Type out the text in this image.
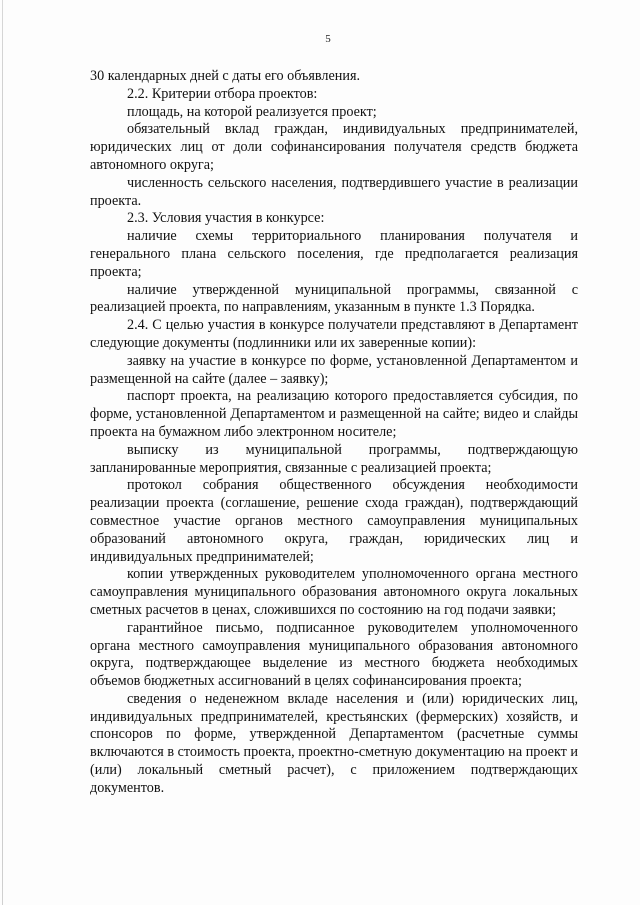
5

30 календарных дней с даты его объявления.

2.2. Критерии отбора проектов:

площадь, на которой реализуется проект;

обязательный вклад граждан, индивидуальных предпринимателей, юридических лиц от доли софинансирования получателя средств бюджета автономного округа;

численность сельского населения, подтвердившего участие в реализации проекта.

2.3. Условия участия в конкурсе:

наличие схемы территориального планирования получателя и генерального плана сельского поселения, где предполагается реализация проекта;

наличие утвержденной муниципальной программы, связанной с реализацией проекта, по направлениям, указанным в пункте 1.3 Порядка.

2.4. С целью участия в конкурсе получатели представляют в Департамент следующие документы (подлинники или их заверенные копии):

заявку на участие в конкурсе по форме, установленной Департаментом и размещенной на сайте (далее – заявку);

паспорт проекта, на реализацию которого предоставляется субсидия, по форме, установленной Департаментом и размещенной на сайте; видео и слайды проекта на бумажном либо электронном носителе;

выписку из муниципальной программы, подтверждающую запланированные мероприятия, связанные с реализацией проекта;

протокол собрания общественного обсуждения необходимости реализации проекта (соглашение, решение схода граждан), подтверждающий совместное участие органов местного самоуправления муниципальных образований автономного округа, граждан, юридических лиц и индивидуальных предпринимателей;

копии утвержденных руководителем уполномоченного органа местного самоуправления муниципального образования автономного округа локальных сметных расчетов в ценах, сложившихся по состоянию на год подачи заявки;

гарантийное письмо, подписанное руководителем уполномоченного органа местного самоуправления муниципального образования автономного округа, подтверждающее выделение из местного бюджета необходимых объемов бюджетных ассигнований в целях софинансирования проекта;

сведения о неденежном вкладе населения и (или) юридических лиц, индивидуальных предпринимателей, крестьянских (фермерских) хозяйств, и спонсоров по форме, утвержденной Департаментом (расчетные суммы включаются в стоимость проекта, проектно-сметную документацию на проект и (или) локальный сметный расчет), с приложением подтверждающих документов.
